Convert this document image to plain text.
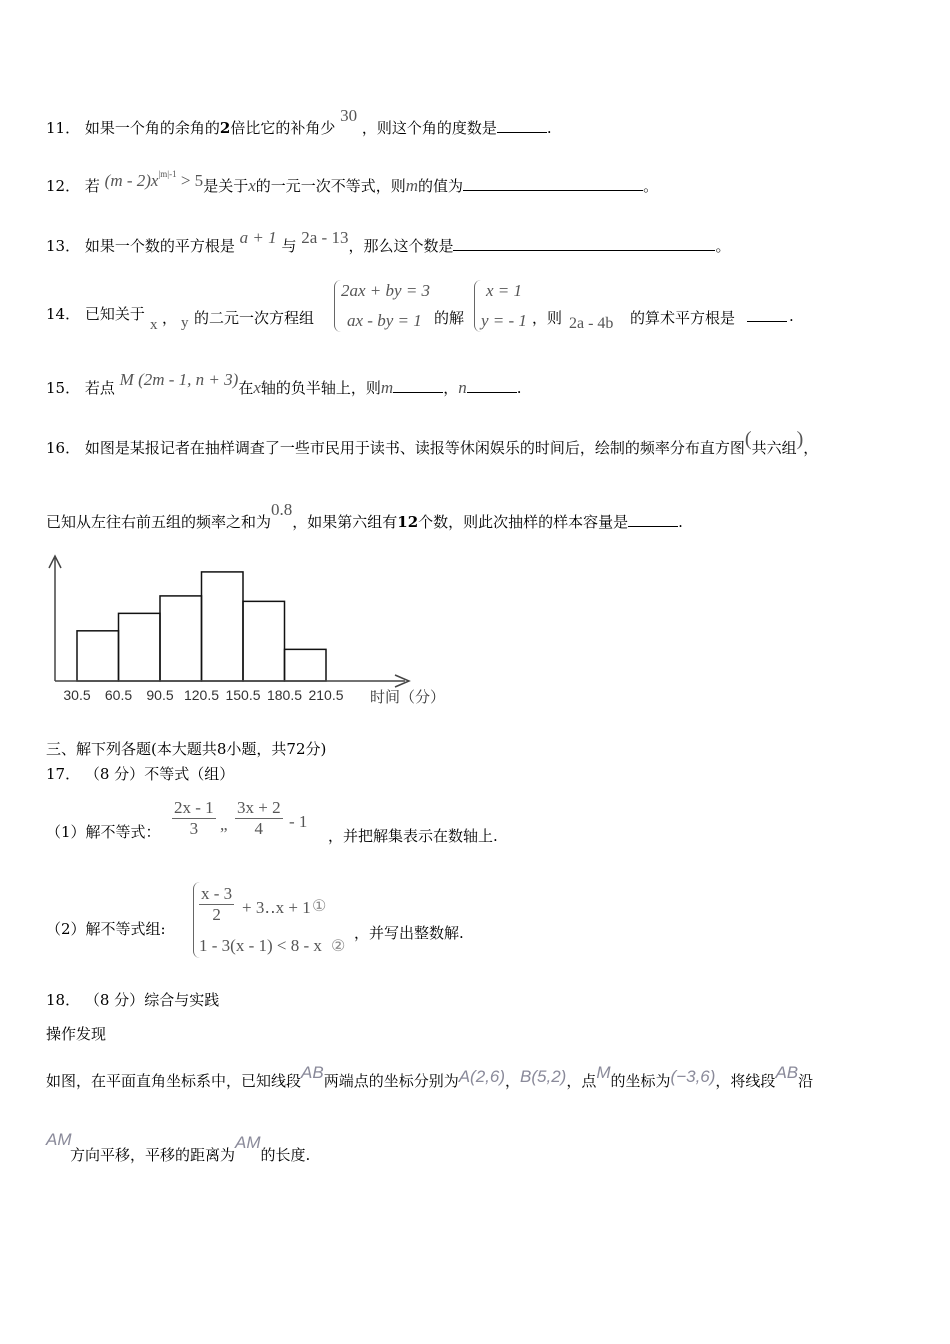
11． 如果一个角的余角的2倍比它的补角少 30 ，则这个角的度数是	.
12． 若 $(m - 2)x^{|m|-1} > 5$是关于x的一元一次不等式，则m的值为	。
13． 如果一个数的平方根是 a + 1 与 2a - 13，那么这个数是	。
14． 已知关于
x ， y 的二元一次方程组
2ax + by = 3
ax - by = 1 的解
x = 1
y = - 1 ，则 2a - 4b 的算术平方根是	.
15． 若点 M (2m - 1, n + 3)在x轴的负半轴上，则m	，n	.
16． 如图是某报记者在抽样调查了一些市民用于读书、读报等休闲娱乐的时间后，绘制的频率分布直方图(共六组)，
已知从左往右前五组的频率之和为0.8，如果第六组有12个数，则此次抽样的样本容量是	.
30.5 60.5 90.5 120.5 150.5 180.5 210.5 时间（分）
三、解下列各题(本大题共8小题，共72分)
17． （8 分）不等式（组）
（1）解不等式： $\frac{2x - 1}{3}$ „ $\frac{3x + 2}{4} - 1$
，并把解集表示在数轴上.
（2）解不等式组:
$\frac{x - 3}{2}$ + 3‥x + 1 ①
1 - 3(x - 1) < 8 - x ②
，并写出整数解.
18． （8 分）综合与实践
操作发现
如图，在平面直角坐标系中，已知线段AB两端点的坐标分别为A(2,6)，B(5,2)，点M的坐标为(−3,6)，将线段AB沿
AM
方向平移，平移的距离为AM的长度.
